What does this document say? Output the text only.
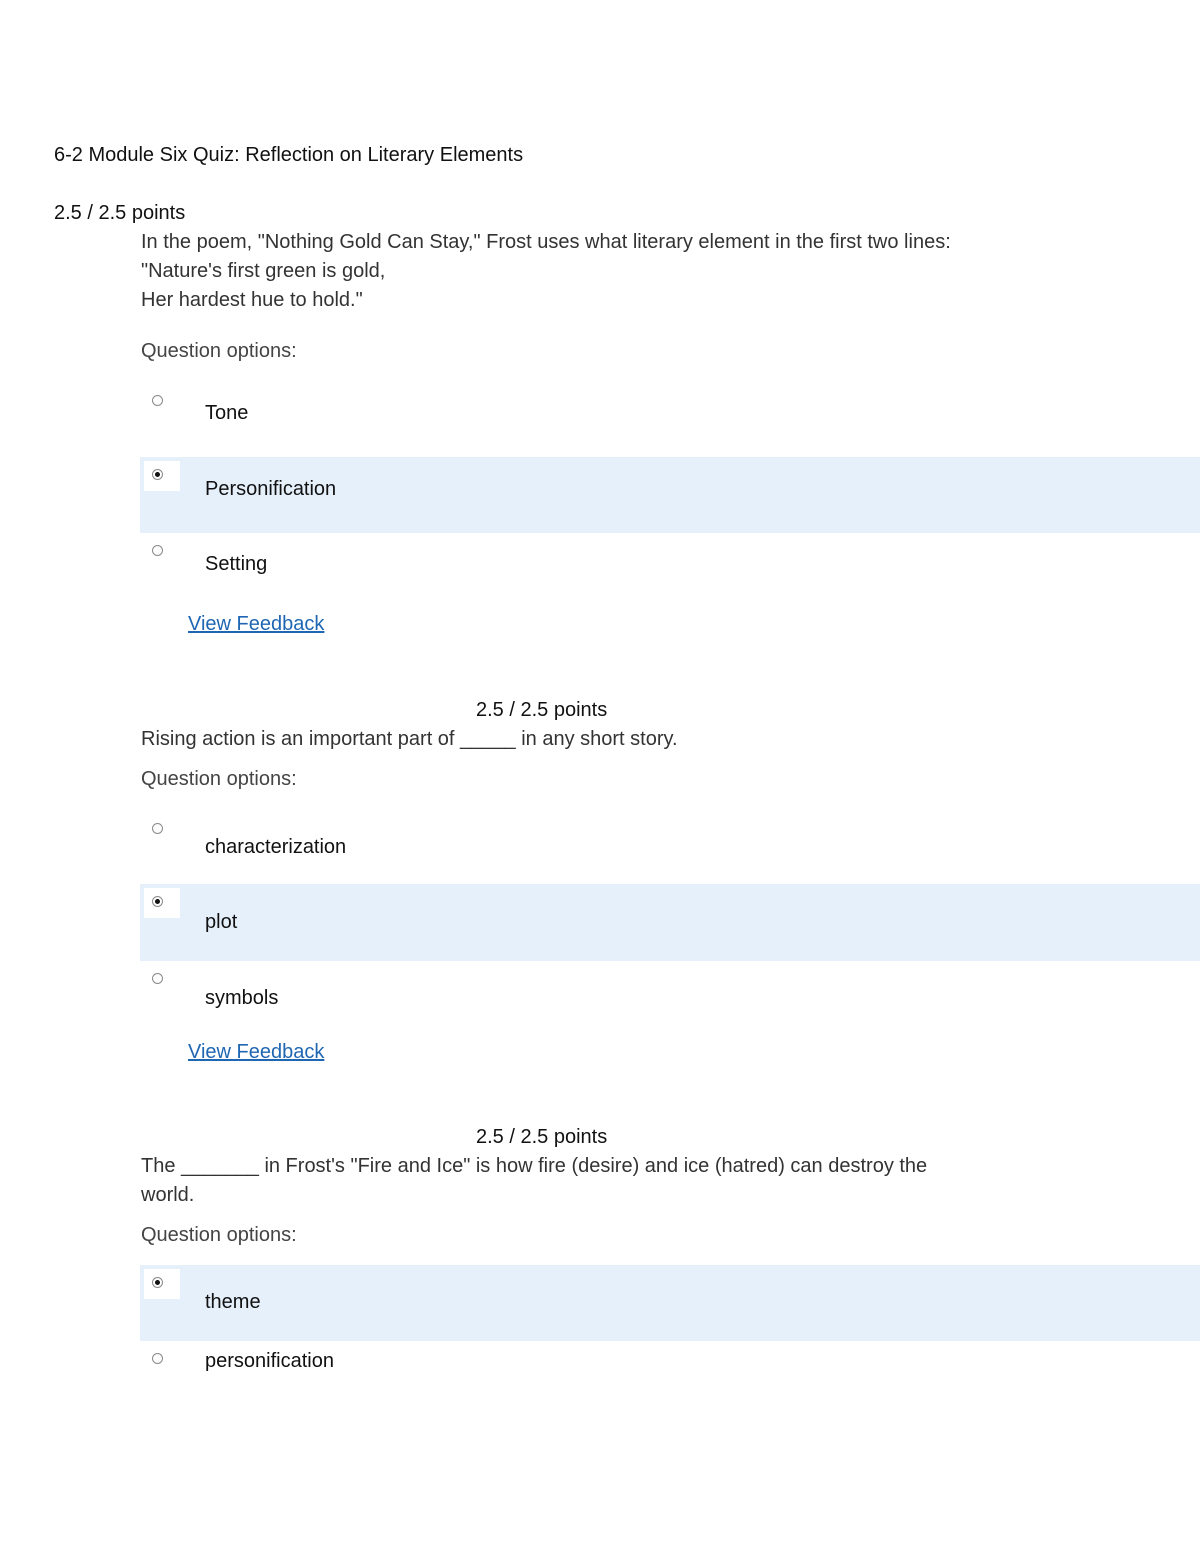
6-2 Module Six Quiz: Reflection on Literary Elements
2.5 / 2.5 points
In the poem, "Nothing Gold Can Stay," Frost uses what literary element in the first two lines:
"Nature's first green is gold,
Her hardest hue to hold."
Question options:
Tone
Personification
Setting
View Feedback
2.5 / 2.5 points
Rising action is an important part of _____ in any short story.
Question options:
characterization
plot
symbols
View Feedback
2.5 / 2.5 points
The _______ in Frost's "Fire and Ice" is how fire (desire) and ice (hatred) can destroy the
world.
Question options:
theme
personification
